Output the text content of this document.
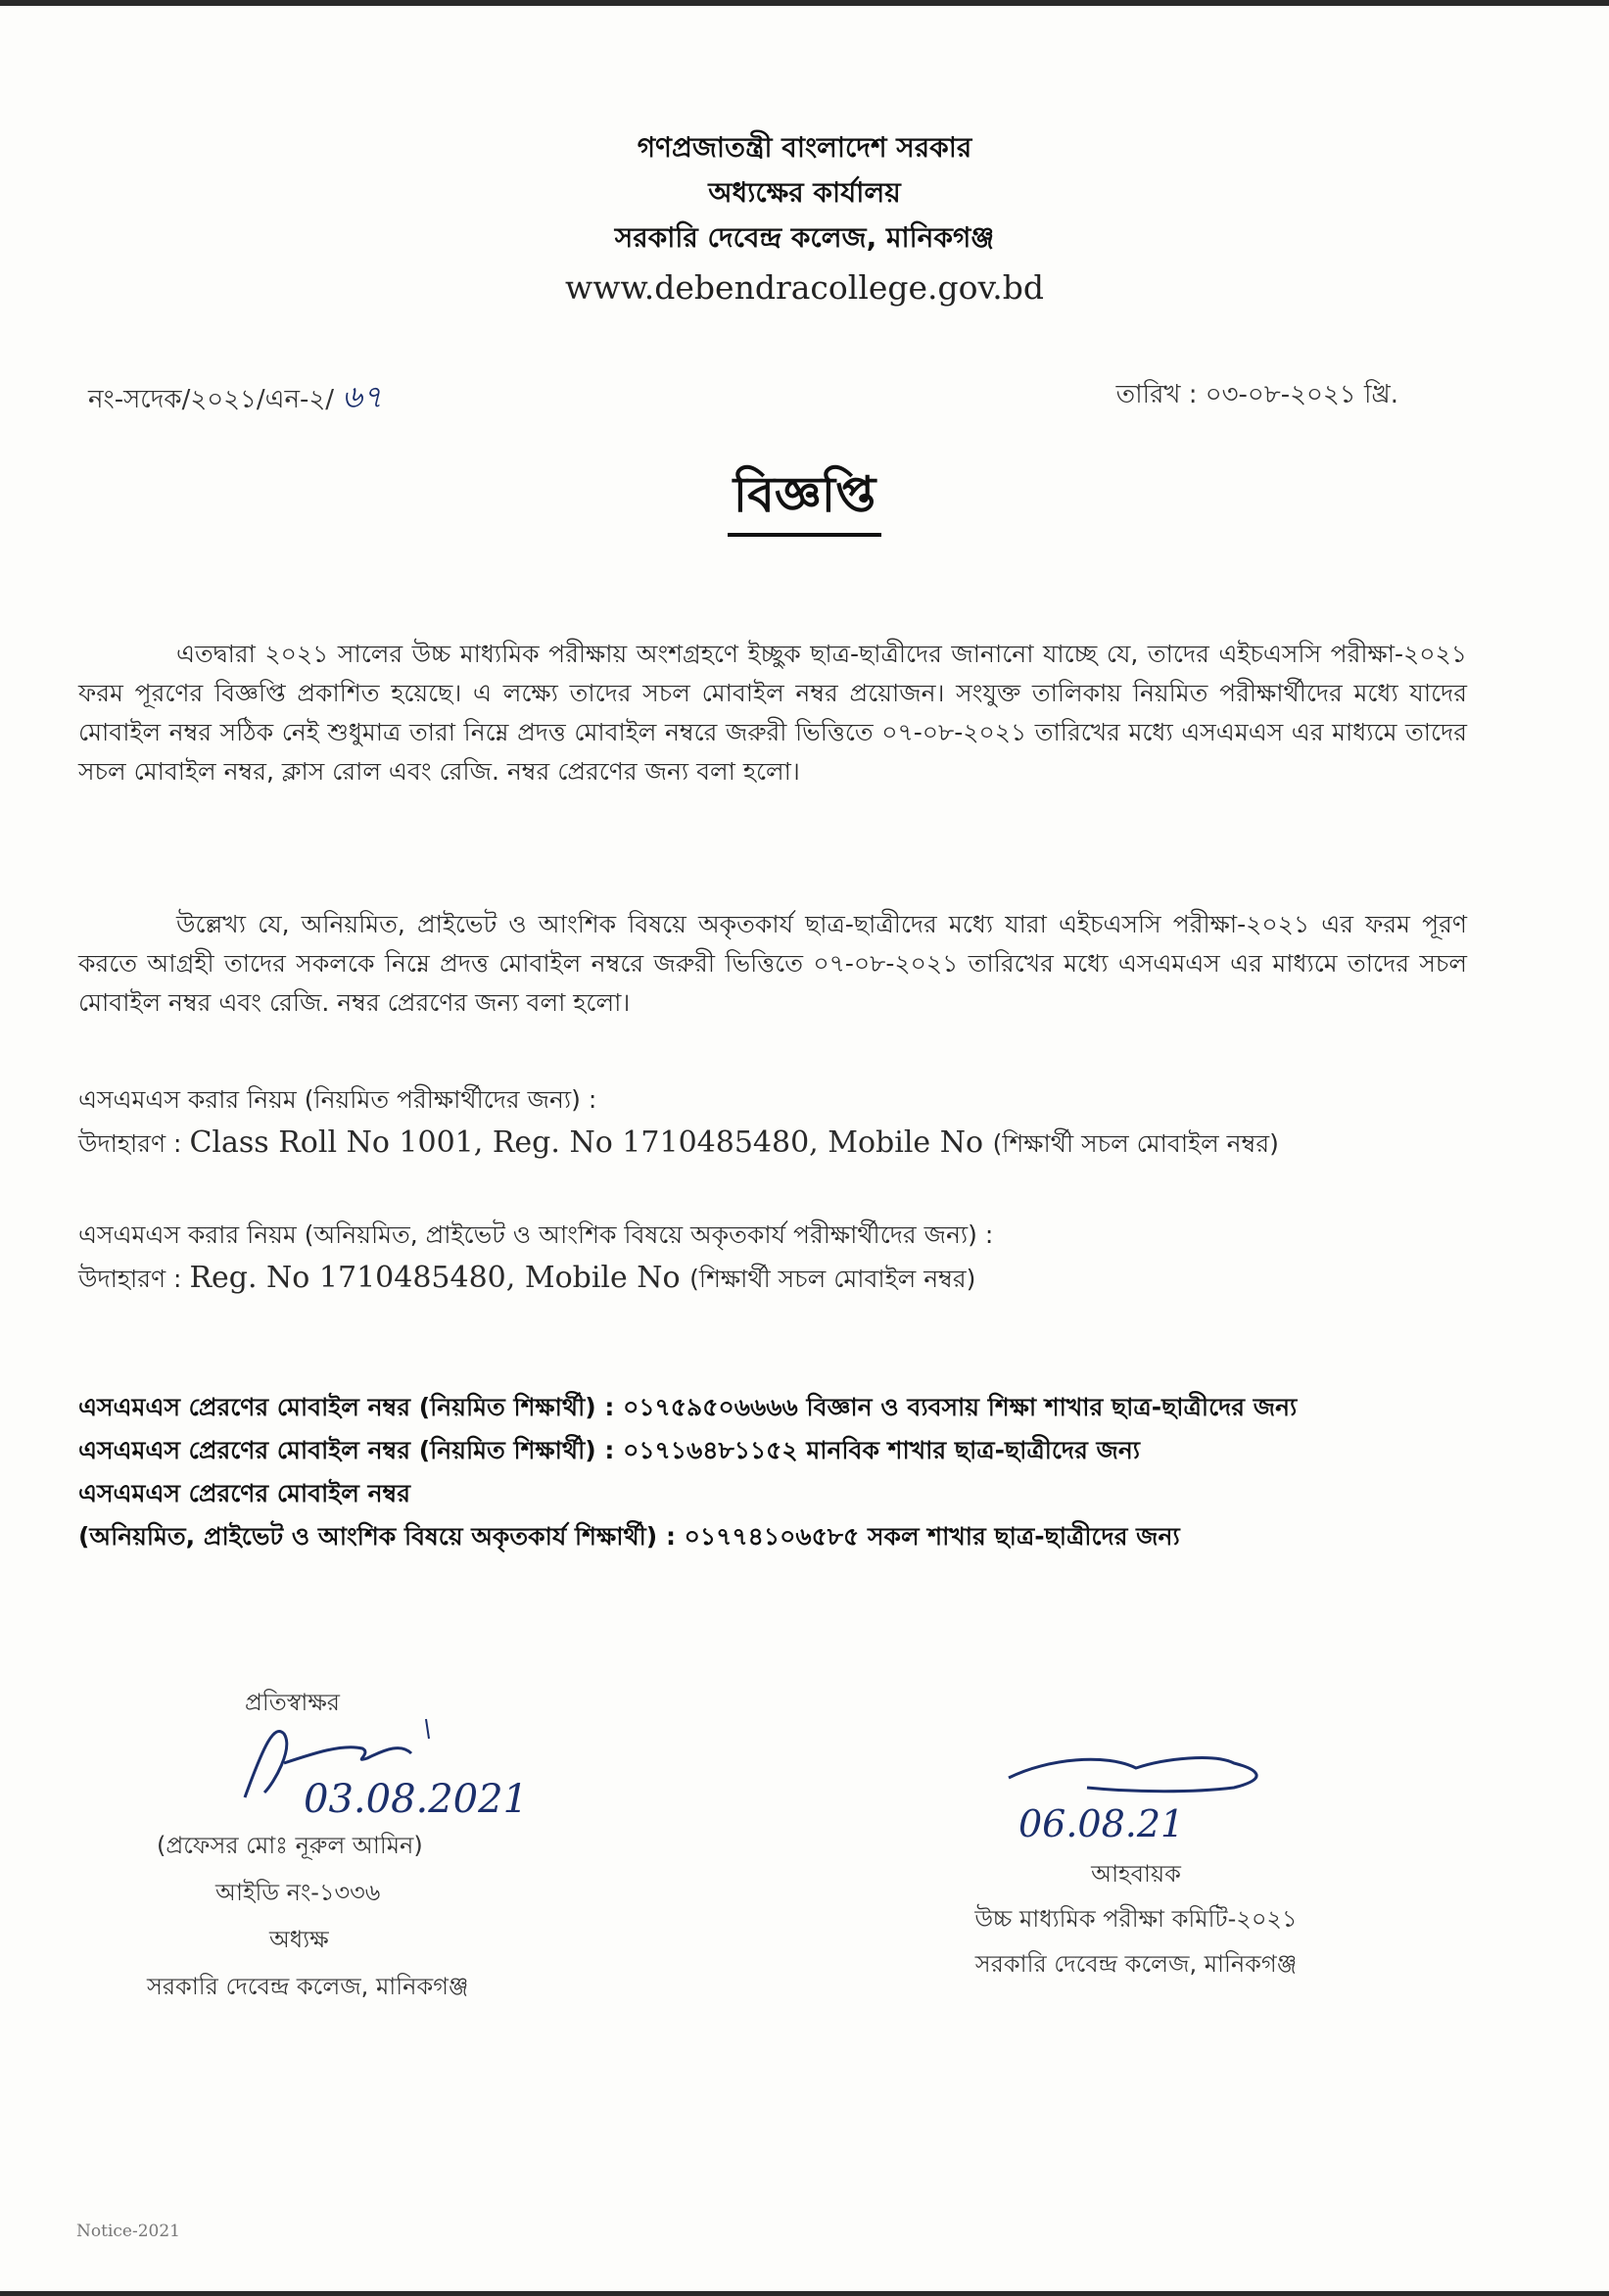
গণপ্রজাতন্ত্রী বাংলাদেশ সরকার
অধ্যক্ষের কার্যালয়
সরকারি দেবেন্দ্র কলেজ, মানিকগঞ্জ
www.debendracollege.gov.bd
নং-সদেক/২০২১/এন-২/ ৬৭	তারিখ : ০৩-০৮-২০২১ খ্রি.
বিজ্ঞপ্তি
এতদ্বারা ২০২১ সালের উচ্চ মাধ্যমিক পরীক্ষায় অংশগ্রহণে ইচ্ছুক ছাত্র-ছাত্রীদের জানানো যাচ্ছে যে, তাদের এইচএসসি পরীক্ষা-২০২১ ফরম পূরণের বিজ্ঞপ্তি প্রকাশিত হয়েছে। এ লক্ষ্যে তাদের সচল মোবাইল নম্বর প্রয়োজন। সংযুক্ত তালিকায় নিয়মিত পরীক্ষার্থীদের মধ্যে যাদের মোবাইল নম্বর সঠিক নেই শুধুমাত্র তারা নিম্নে প্রদত্ত মোবাইল নম্বরে জরুরী ভিত্তিতে ০৭-০৮-২০২১ তারিখের মধ্যে এসএমএস এর মাধ্যমে তাদের সচল মোবাইল নম্বর, ক্লাস রোল এবং রেজি. নম্বর প্রেরণের জন্য বলা হলো।
উল্লেখ্য যে, অনিয়মিত, প্রাইভেট ও আংশিক বিষয়ে অকৃতকার্য ছাত্র-ছাত্রীদের মধ্যে যারা এইচএসসি পরীক্ষা-২০২১ এর ফরম পূরণ করতে আগ্রহী তাদের সকলকে নিম্নে প্রদত্ত মোবাইল নম্বরে জরুরী ভিত্তিতে ০৭-০৮-২০২১ তারিখের মধ্যে এসএমএস এর মাধ্যমে তাদের সচল মোবাইল নম্বর এবং রেজি. নম্বর প্রেরণের জন্য বলা হলো।
এসএমএস করার নিয়ম (নিয়মিত পরীক্ষার্থীদের জন্য) :
উদাহারণ : Class Roll No 1001, Reg. No 1710485480, Mobile No (শিক্ষার্থী সচল মোবাইল নম্বর)
এসএমএস করার নিয়ম (অনিয়মিত, প্রাইভেট ও আংশিক বিষয়ে অকৃতকার্য পরীক্ষার্থীদের জন্য) :
উদাহারণ : Reg. No 1710485480, Mobile No (শিক্ষার্থী সচল মোবাইল নম্বর)
এসএমএস প্রেরণের মোবাইল নম্বর (নিয়মিত শিক্ষার্থী) : ০১৭৫৯৫০৬৬৬৬ বিজ্ঞান ও ব্যবসায় শিক্ষা শাখার ছাত্র-ছাত্রীদের জন্য
এসএমএস প্রেরণের মোবাইল নম্বর (নিয়মিত শিক্ষার্থী) : ০১৭১৬৪৮১১৫২ মানবিক শাখার ছাত্র-ছাত্রীদের জন্য
এসএমএস প্রেরণের মোবাইল নম্বর
(অনিয়মিত, প্রাইভেট ও আংশিক বিষয়ে অকৃতকার্য শিক্ষার্থী) : ০১৭৭৪১০৬৫৮৫ সকল শাখার ছাত্র-ছাত্রীদের জন্য
প্রতিস্বাক্ষর
03.08.2021
(প্রফেসর মোঃ নূরুল আমিন)
আইডি নং-১৩৩৬
অধ্যক্ষ
সরকারি দেবেন্দ্র কলেজ, মানিকগঞ্জ
06.08.21
আহবায়ক
উচ্চ মাধ্যমিক পরীক্ষা কমিটি-২০২১
সরকারি দেবেন্দ্র কলেজ, মানিকগঞ্জ
Notice-2021
